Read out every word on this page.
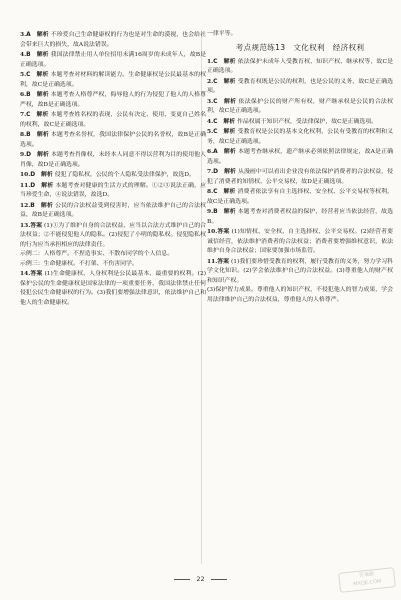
3.A　解析 不珍爱自己生命健康权的行为也是对生命的漠视，也会给社会带来巨大的损失，故A说法错误。

4.B　解析 我国法律禁止用人单位招用未满16周岁的未成年人，故B是正确选项。

5.C　解析 本题考查对材料的解读能力。生命健康权是公民最基本的权利，故C是正确选项。

6.B　解析 本题考查人格尊严权，侮辱他人的行为侵犯了他人的人格尊严权，故B是正确选项。

7.C　解析 本题考查姓名权的表现，公民有决定、使用、变更自己姓名的权利，故C是正确选项。

8.B　解析 本题考查名誉权，我国法律保护公民的名誉权，故B是正确选项。

9.D　解析 本题考查肖像权，未经本人同意不得以营利为目的使用他人肖像，故D是正确选项。

10.D　解析 侵犯了隐私权，公民的个人隐私受法律保护，故选D。

11.D　解析 本题考查对健康的生活方式的理解。①②③说法正确，应当珍爱生命，④说法错误，故选D。

12.B　解析 公民的合法权益受到侵害时，应当依法维护自己的合法权益，故B是正确选项。

13.答案 (1)①为了维护自身的合法权益，应当以合法方式维护自己的合法权益；②不能侵犯他人的隐私。(2)侵犯了小明的隐私权。侵犯隐私权的行为应当承担相应的法律责任。

示例二：人格尊严。不捏造事实、不散布同学的个人信息。

示例三：生命健康权。不打架、不伤害同学。

14.答案 (1)生命健康权、人身权利是公民最基本、最重要的权利。(2)保护公民的生命健康权是国家法律的一项重要任务，我国法律禁止任何侵犯公民生命健康权的行为。(3)我们要增强法律意识，依法维护自己和他人的生命健康权。

一律平等。

考点规范练13　文化权利　经济权利

1.C　解析 依法保护未成年人受教育权、知识产权、继承权等，故C是正确选项。

2.C　解析 受教育权既是公民的权利，也是公民的义务，故C是正确选项。

3.C　解析 依法保护公民的财产所有权，财产继承权是公民的合法权利，故C是正确选项。

4.C　解析 作品权属于知识产权，受法律保护，故C是正确选项。

5.C　解析 受教育权是公民的基本文化权利，公民有受教育的权利和义务，故C是正确选项。

6.A　解析 本题考查继承权，遗产继承必须依照法律规定，故A是正确选项。

7.D　解析 从漫画中可以看出企业没有依法保护消费者的合法权益，侵犯了消费者的知情权、公平交易权，故D是正确选项。

8.C　解析 消费者依法享有自主选择权、安全权、公平交易权等权利，故C是正确选项。

9.B　解析 本题考查对消费者权益的保护，经营者应当依法经营，故选B。

10.答案 (1)知情权、安全权、自主选择权、公平交易权。(2)经营者要诚信经营，依法维护消费者的合法权益；消费者要增强维权意识，依法维护自身合法权益；国家要加强市场监管。

11.答案 (1)我们要珍惜受教育的权利，履行受教育的义务，努力学习科学文化知识。(2)学会依法维护自己的合法权益。(3)尊重他人的财产权和知识产权。

(3)保护智力成果。尊重他人的知识产权，不侵犯他人的智力成果，学会用法律维护自己的合法权益，尊重他人的人格尊严。

22	答案圈
MXQE.COM
